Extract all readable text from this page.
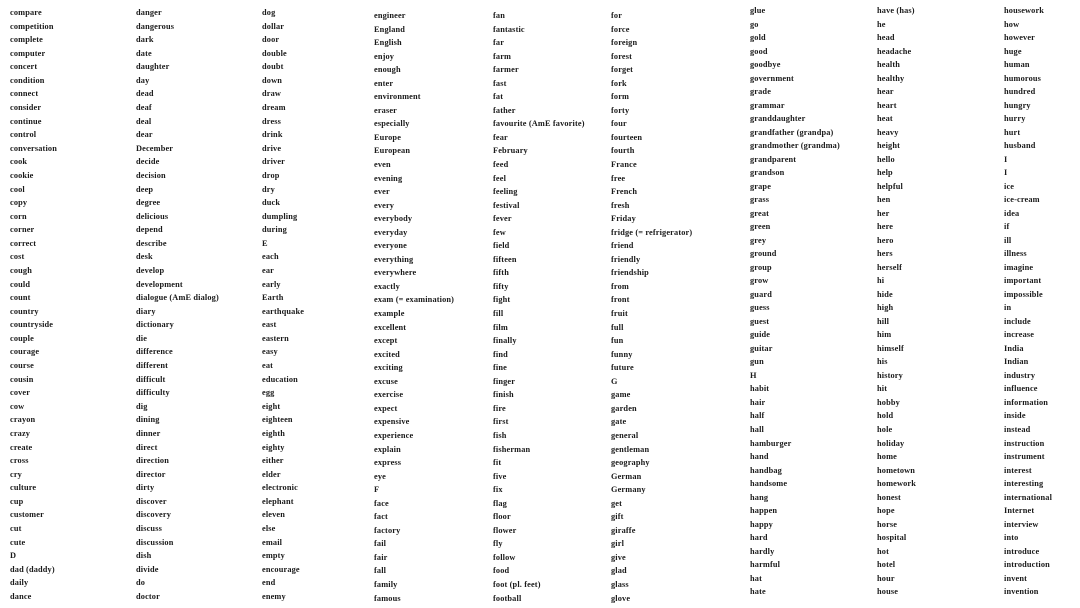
compare
competition
complete
computer
concert
condition
connect
consider
continue
control
conversation
cook
cookie
cool
copy
corn
corner
correct
cost
cough
could
count
country
countryside
couple
courage
course
cousin
cover
cow
crayon
crazy
create
cross
cry
culture
cup
customer
cut
cute
D
dad (daddy)
daily
dance
danger
dangerous
dark
date
daughter
day
dead
deaf
deal
dear
December
decide
decision
deep
degree
delicious
depend
describe
desk
develop
development
dialogue (AmE dialog)
diary
dictionary
die
difference
different
difficult
difficulty
dig
dining
dinner
direct
direction
director
dirty
discover
discovery
discuss
discussion
dish
divide
do
doctor
dog
dollar
door
double
doubt
down
draw
dream
dress
drink
drive
driver
drop
dry
duck
dumpling
during
E
each
ear
early
Earth
earthquake
east
eastern
easy
eat
education
egg
eight
eighteen
eighth
eighty
either
elder
electronic
elephant
eleven
else
email
empty
encourage
end
enemy
engineer
England
English
enjoy
enough
enter
environment
eraser
especially
Europe
European
even
evening
ever
every
everybody
everyday
everyone
everything
everywhere
exactly
exam (= examination)
example
excellent
except
excited
exciting
excuse
exercise
expect
expensive
experience
explain
express
eye
F
face
fact
factory
fail
fair
fall
family
famous
fan
fantastic
far
farm
farmer
fast
fat
father
favourite (AmE favorite)
fear
February
feed
feel
feeling
festival
fever
few
field
fifteen
fifth
fifty
fight
fill
film
finally
find
fine
finger
finish
fire
first
fish
fisherman
fit
five
fix
flag
floor
flower
fly
follow
food
foot (pl. feet)
football
for
force
foreign
forest
forget
fork
form
forty
four
fourteen
fourth
France
free
French
fresh
Friday
fridge (= refrigerator)
friend
friendly
friendship
from
front
fruit
full
fun
funny
future
G
game
garden
gate
general
gentleman
geography
German
Germany
get
gift
giraffe
girl
give
glad
glass
glove
glue
go
gold
good
goodbye
government
grade
grammar
granddaughter
grandfather (grandpa)
grandmother (grandma)
grandparent
grandson
grape
grass
great
green
grey
ground
group
grow
guard
guess
guest
guide
guitar
gun
H
habit
hair
half
hall
hamburger
hand
handbag
handsome
hang
happen
happy
hard
hardly
harmful
hat
hate
have (has)
he
head
headache
health
healthy
hear
heart
heat
heavy
height
hello
help
helpful
hen
her
here
hero
hers
herself
hi
hide
high
hill
him
himself
his
history
hit
hobby
hold
hole
holiday
home
hometown
homework
honest
hope
horse
hospital
hot
hotel
hour
house
housework
how
however
huge
human
humorous
hundred
hungry
hurry
hurt
husband
I
I
ice
ice-cream
idea
if
ill
illness
imagine
important
impossible
in
include
increase
India
Indian
industry
influence
information
inside
instead
instruction
instrument
interest
interesting
international
Internet
interview
into
introduce
introduction
invent
invention
